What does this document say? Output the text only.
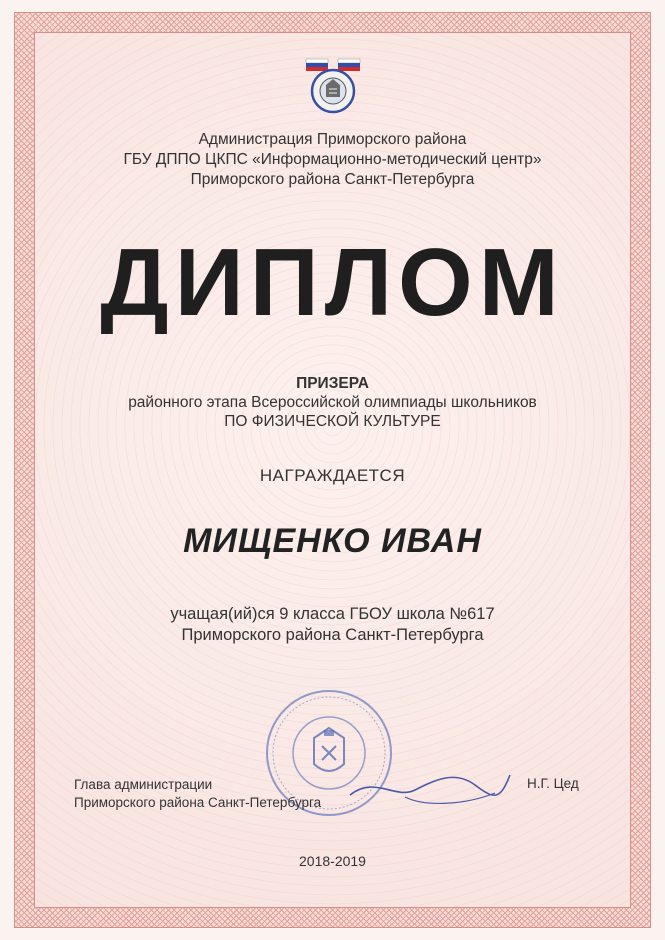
Администрация Приморского района
ГБУ ДППО ЦКПС «Информационно-методический центр»
Приморского района Санкт-Петербурга
ДИПЛОМ
ПРИЗЕРА
районного этапа Всероссийской олимпиады школьников
ПО ФИЗИЧЕСКОЙ КУЛЬТУРЕ
НАГРАЖДАЕТСЯ
МИЩЕНКО ИВАН
учащая(ий)ся 9 класса ГБОУ школа №617
Приморского района Санкт-Петербурга
Глава администрации
Приморского района Санкт-Петербурга
Н.Г. Цед
2018-2019
